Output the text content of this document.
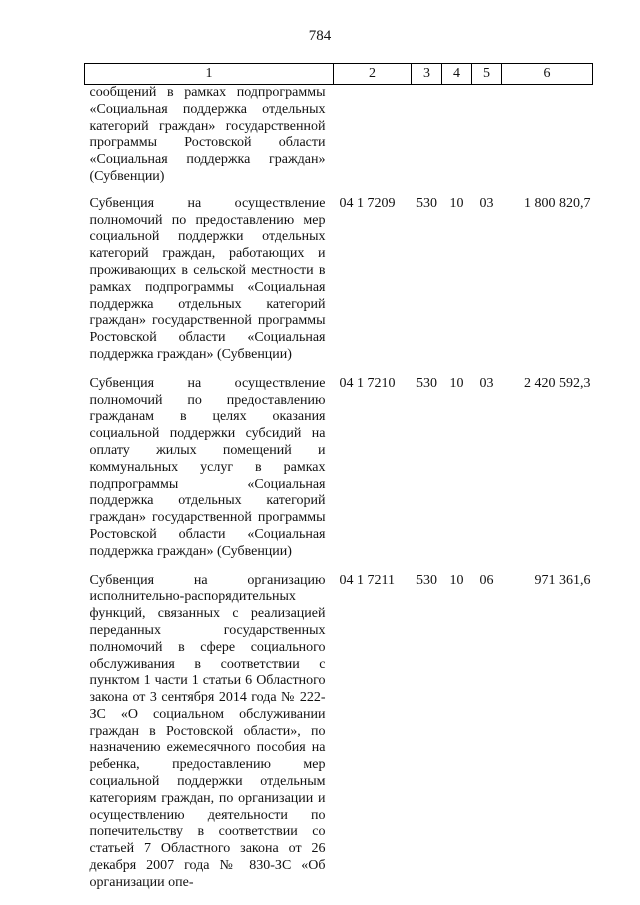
784
1	2	3	4	5	6
сообщений в рамках подпрограммы «Социальная поддержка отдельных категорий граждан» государственной программы Ростовской области «Социальная поддержка граждан» (Субвенции)					
Субвенция на осуществление полномочий по предоставлению мер социальной поддержки отдельных категорий граждан, работающих и проживающих в сельской местности в рамках подпрограммы «Социальная поддержка отдельных категорий граждан» государственной программы Ростовской области «Социальная поддержка граждан» (Субвенции)	04 1 7209	530	10	03	1 800 820,7
Субвенция на осуществление полномочий по предоставлению гражданам в целях оказания социальной поддержки субсидий на оплату жилых помещений и коммунальных услуг в рамках подпрограммы «Социальная поддержка отдельных категорий граждан» государственной программы Ростовской области «Социальная поддержка граждан» (Субвенции)	04 1 7210	530	10	03	2 420 592,3
Субвенция на организацию исполнительно-распорядительных функций, связанных с реализацией переданных государственных полномочий в сфере социального обслуживания в соответствии с пунктом 1 части 1 статьи 6 Областного закона от 3 сентября 2014 года № 222-ЗС «О социальном обслуживании граждан в Ростовской области», по назначению ежемесячного пособия на ребенка, предоставлению мер социальной поддержки отдельным категориям граждан, по организации и осуществлению деятельности по попечительству в соответствии со статьей 7 Областного закона от 26 декабря 2007 года № 830-ЗС «Об организации опе-	04 1 7211	530	10	06	971 361,6
